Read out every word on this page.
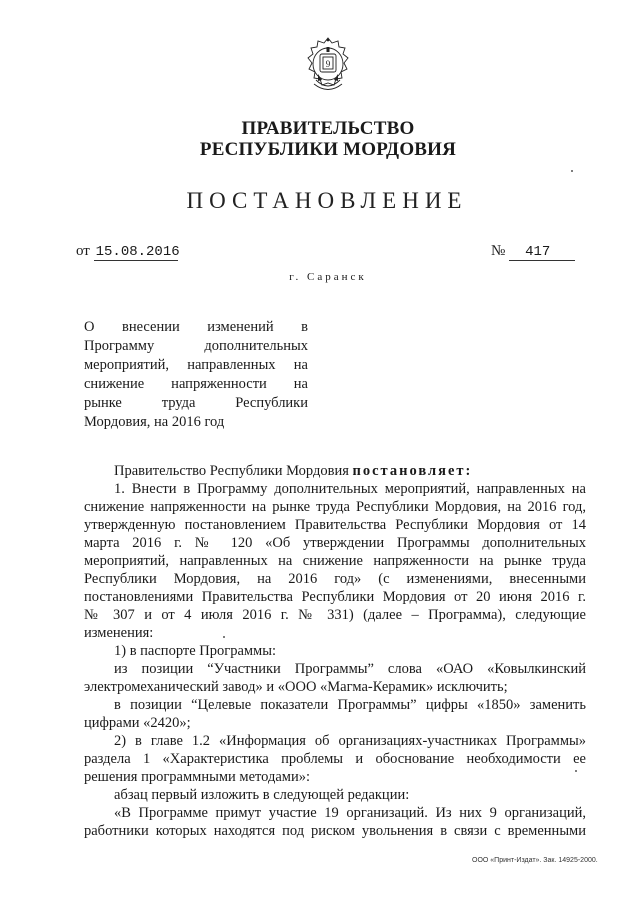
9
ПРАВИТЕЛЬСТВО
РЕСПУБЛИКИ МОРДОВИЯ
ПОСТАНОВЛЕНИЕ
от 15.08.2016	№ 417
г. Саранск
О внесении изменений в
Программу дополнительных
мероприятий, направленных на
снижение напряженности на
рынке труда Республики
Мордовия, на 2016 год
Правительство Республики Мордовия постановляет:
1. Внести в Программу дополнительных мероприятий, направленных на
снижение напряженности на рынке труда Республики Мордовия, на 2016 год,
утвержденную постановлением Правительства Республики Мордовия от 14
марта 2016 г. № 120 «Об утверждении Программы дополнительных
мероприятий, направленных на снижение напряженности на рынке труда
Республики Мордовия, на 2016 год» (с изменениями, внесенными
постановлениями Правительства Республики Мордовия от 20 июня 2016 г.
№ 307 и от 4 июля 2016 г. № 331) (далее – Программа), следующие
изменения:
1) в паспорте Программы:
из позиции “Участники Программы” слова «ОАО «Ковылкинский
электромеханический завод» и «ООО «Магма-Керамик» исключить;
в позиции “Целевые показатели Программы” цифры «1850» заменить
цифрами «2420»;
2) в главе 1.2 «Информация об организациях-участниках Программы»
раздела 1 «Характеристика проблемы и обоснование необходимости ее
решения программными методами»:
абзац первый изложить в следующей редакции:
«В Программе примут участие 19 организаций. Из них 9 организаций,
работники которых находятся под риском увольнения в связи с временными
ООО «Принт-Издат». Зак. 14925-2000.
